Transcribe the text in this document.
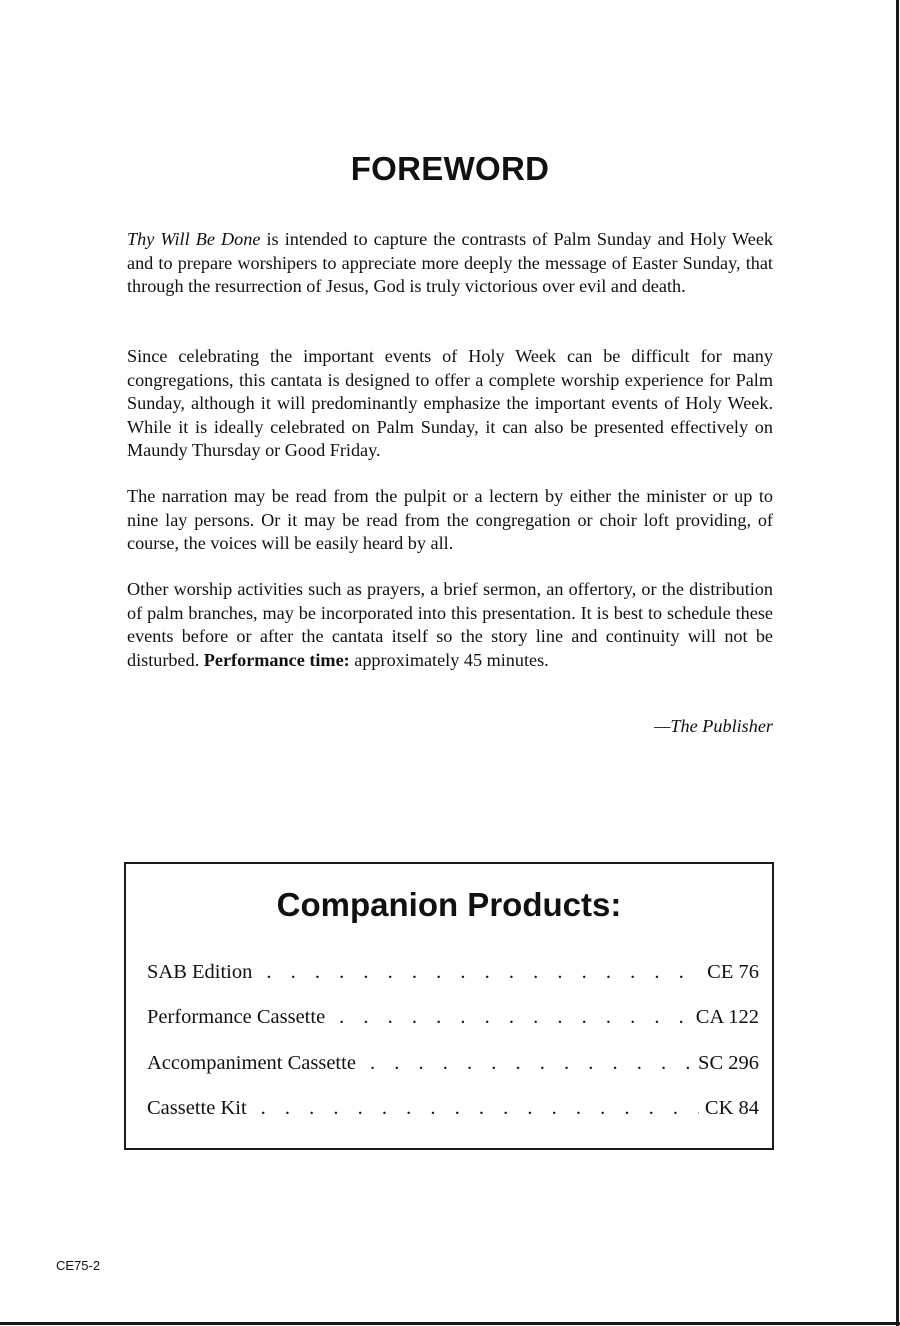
FOREWORD

Thy Will Be Done is intended to capture the contrasts of Palm Sunday and Holy Week and to prepare worshipers to appreciate more deeply the message of Easter Sunday, that through the resurrection of Jesus, God is truly victorious over evil and death.

Since celebrating the important events of Holy Week can be difficult for many congregations, this cantata is designed to offer a complete worship experience for Palm Sunday, although it will predominantly emphasize the important events of Holy Week. While it is ideally celebrated on Palm Sunday, it can also be presented effectively on Maundy Thursday or Good Friday.

The narration may be read from the pulpit or a lectern by either the minister or up to nine lay persons. Or it may be read from the congregation or choir loft providing, of course, the voices will be easily heard by all.

Other worship activities such as prayers, a brief sermon, an offertory, or the distribution of palm branches, may be incorporated into this presentation. It is best to schedule these events before or after the cantata itself so the story line and continuity will not be disturbed. Performance time: approximately 45 minutes.

—The Publisher
Companion Products:
SAB Edition . . .	CE 76
Performance Cassette . . .	CA 122
Accompaniment Cassette . . .	SC 296
Cassette Kit . . .	CK 84
CE75-2
